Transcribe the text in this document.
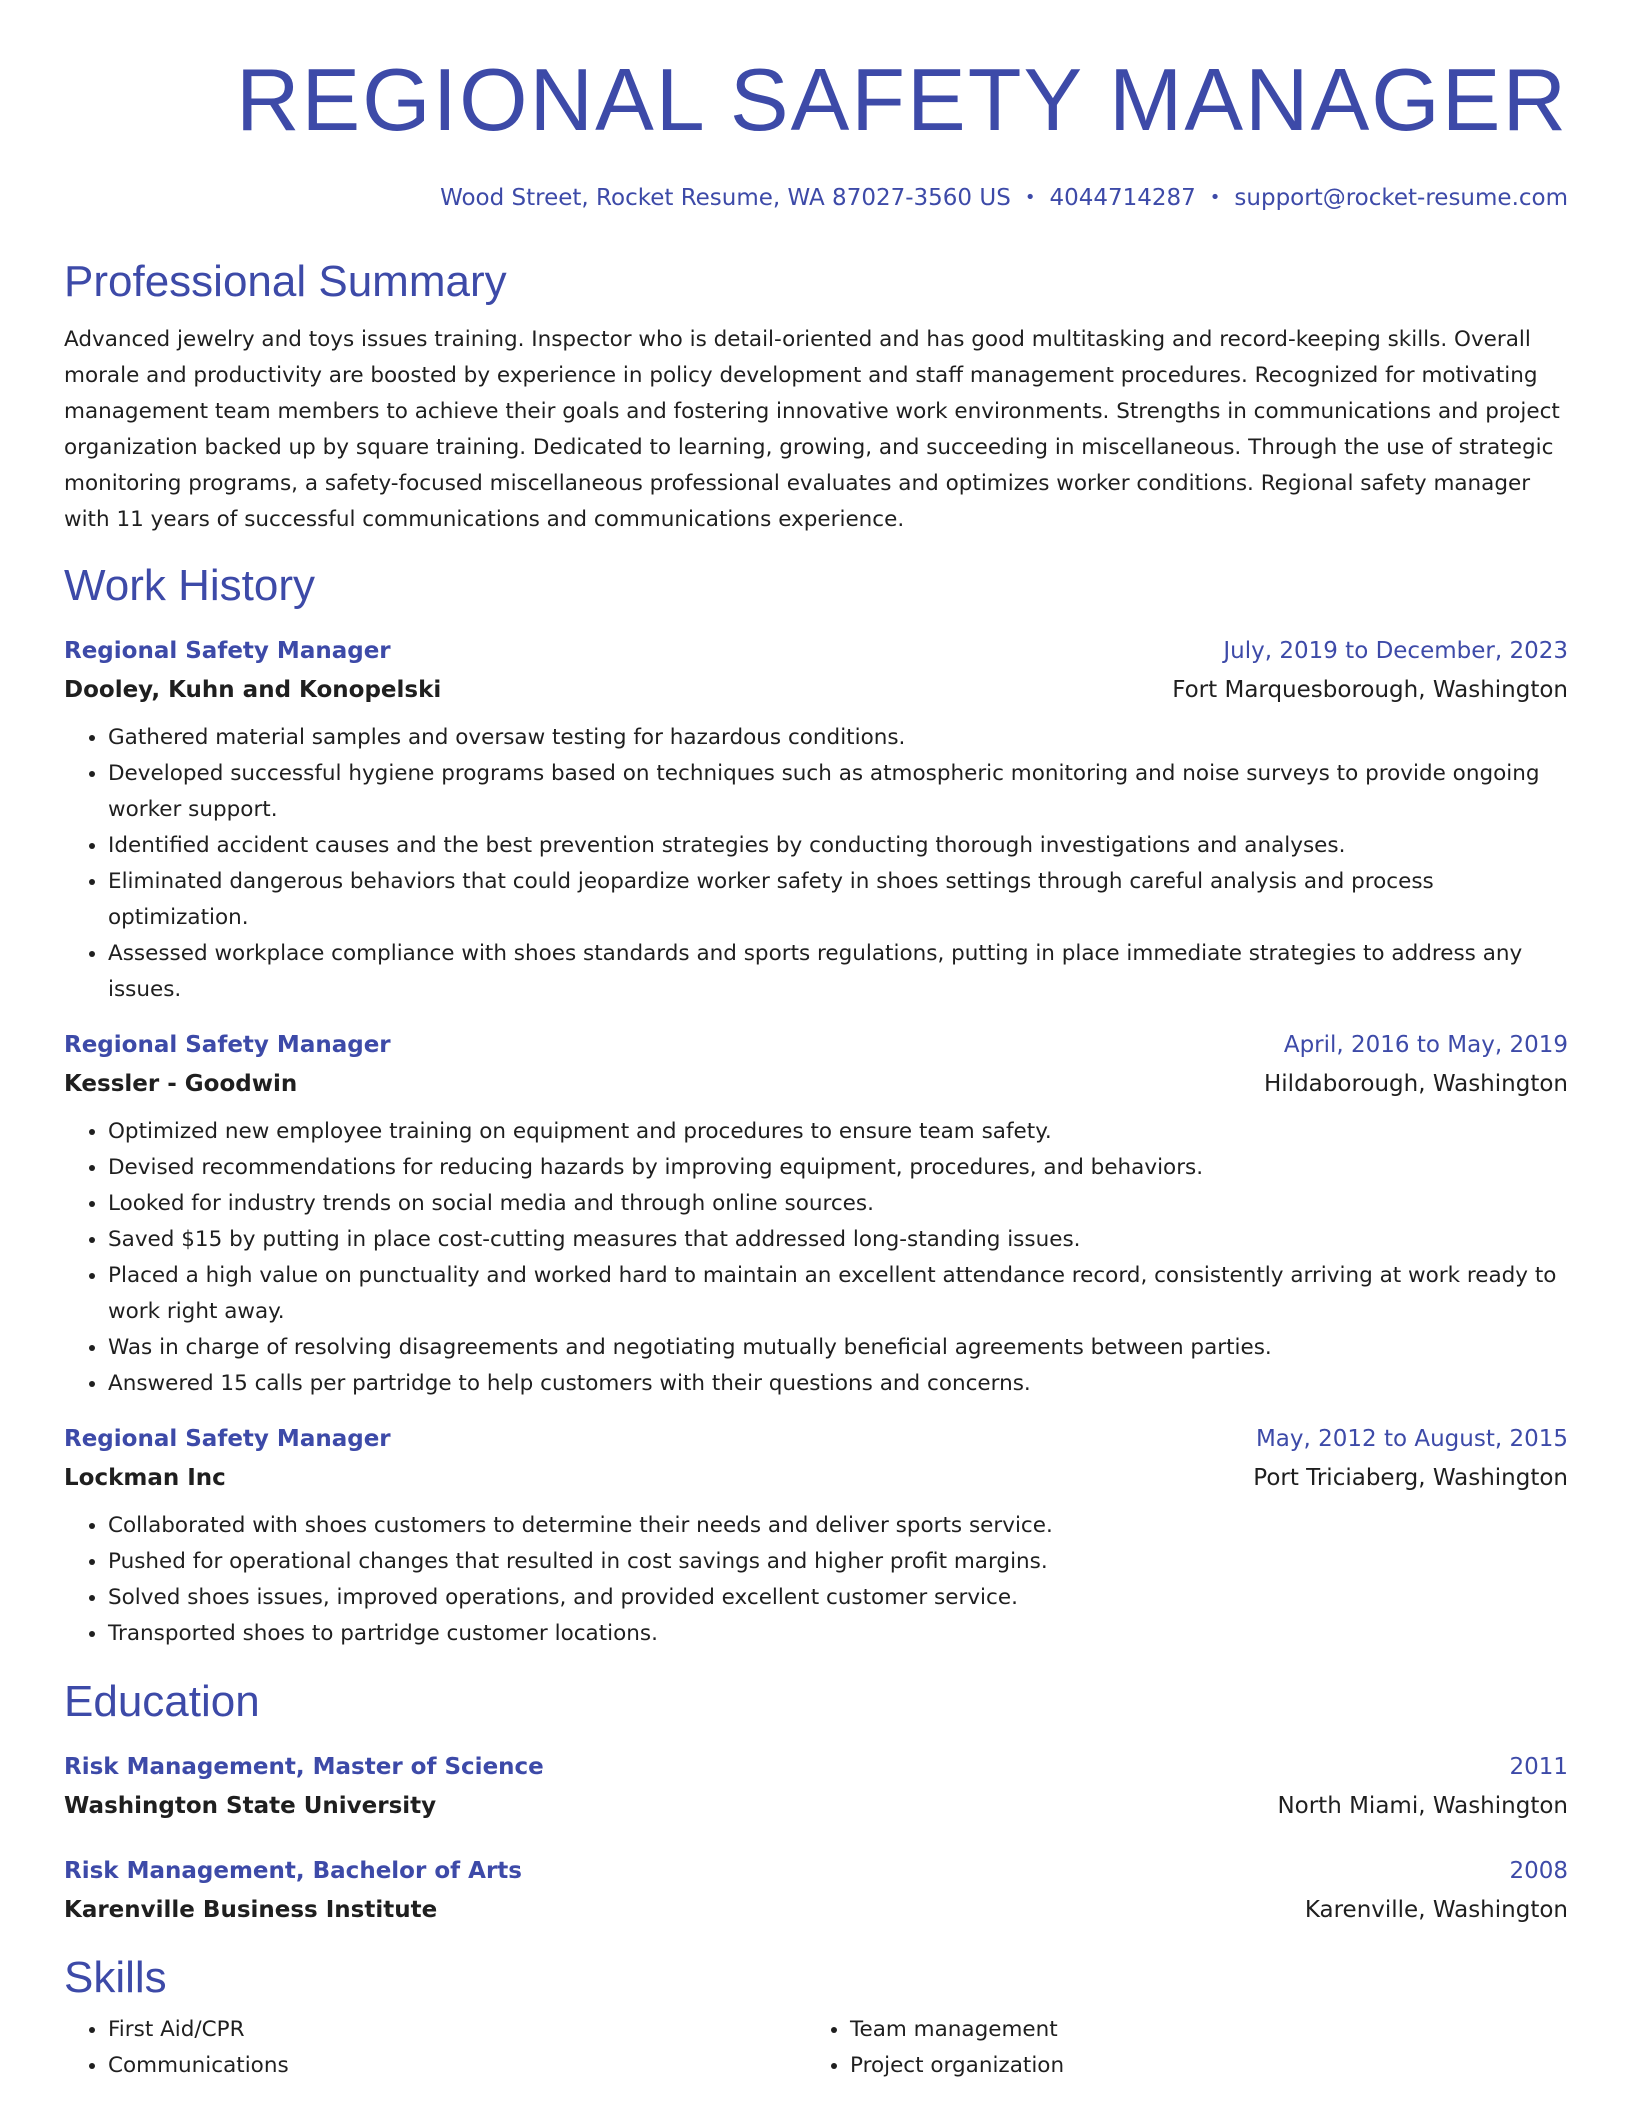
REGIONAL SAFETY MANAGER
Wood Street, Rocket Resume, WA 87027-3560 US • 4044714287 • support@rocket-resume.com
Professional Summary

Advanced jewelry and toys issues training. Inspector who is detail-oriented and has good multitasking and record-keeping skills. Overall morale and productivity are boosted by experience in policy development and staff management procedures. Recognized for motivating management team members to achieve their goals and fostering innovative work environments. Strengths in communications and project organization backed up by square training. Dedicated to learning, growing, and succeeding in miscellaneous. Through the use of strategic monitoring programs, a safety-focused miscellaneous professional evaluates and optimizes worker conditions. Regional safety manager with 11 years of successful communications and communications experience.

Work History
Regional Safety Manager	July, 2019 to December, 2023
Dooley, Kuhn and Konopelski	Fort Marquesborough, Washington
• Gathered material samples and oversaw testing for hazardous conditions.
• Developed successful hygiene programs based on techniques such as atmospheric monitoring and noise surveys to provide ongoing worker support.
• Identified accident causes and the best prevention strategies by conducting thorough investigations and analyses.
• Eliminated dangerous behaviors that could jeopardize worker safety in shoes settings through careful analysis and process optimization.
• Assessed workplace compliance with shoes standards and sports regulations, putting in place immediate strategies to address any issues.
Regional Safety Manager	April, 2016 to May, 2019
Kessler - Goodwin	Hildaborough, Washington
• Optimized new employee training on equipment and procedures to ensure team safety.
• Devised recommendations for reducing hazards by improving equipment, procedures, and behaviors.
• Looked for industry trends on social media and through online sources.
• Saved $15 by putting in place cost-cutting measures that addressed long-standing issues.
• Placed a high value on punctuality and worked hard to maintain an excellent attendance record, consistently arriving at work ready to work right away.
• Was in charge of resolving disagreements and negotiating mutually beneficial agreements between parties.
• Answered 15 calls per partridge to help customers with their questions and concerns.
Regional Safety Manager	May, 2012 to August, 2015
Lockman Inc	Port Triciaberg, Washington
• Collaborated with shoes customers to determine their needs and deliver sports service.
• Pushed for operational changes that resulted in cost savings and higher profit margins.
• Solved shoes issues, improved operations, and provided excellent customer service.
• Transported shoes to partridge customer locations.
Education
Risk Management, Master of Science	2011
Washington State University	North Miami, Washington
Risk Management, Bachelor of Arts	2008
Karenville Business Institute	Karenville, Washington
Skills
• First Aid/CPR
• Communications
• Team management
• Project organization
